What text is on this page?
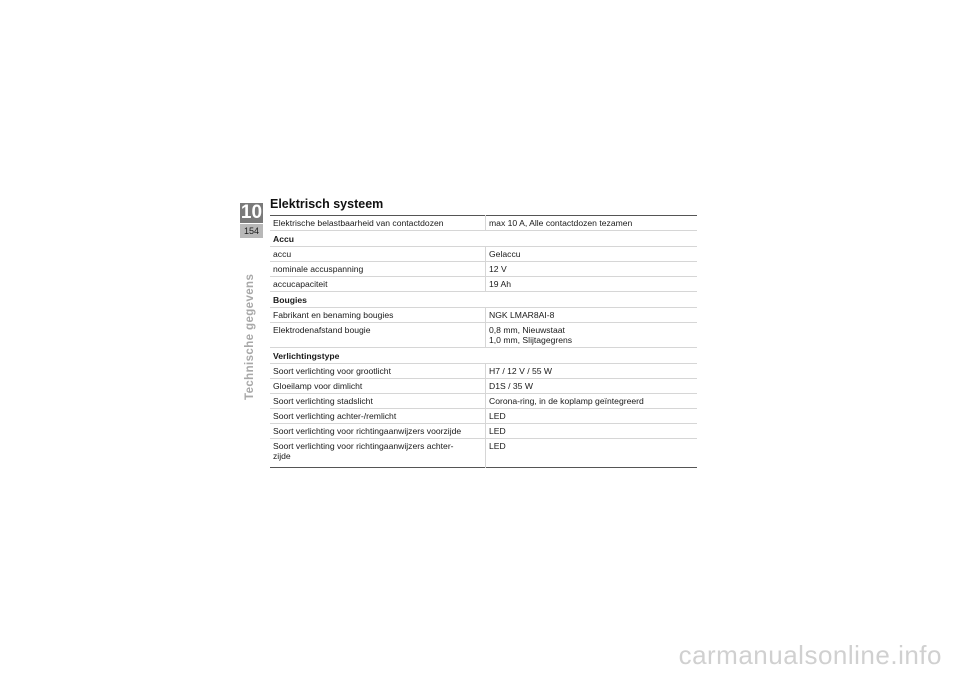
10
154
Technische gegevens
Elektrisch systeem
Elektrische belastbaarheid van contactdozen	max 10 A, Alle contactdozen tezamen
Accu	
accu	Gelaccu
nominale accuspanning	12 V
accucapaciteit	19 Ah
Bougies	
Fabrikant en benaming bougies	NGK LMAR8AI-8
Elektrodenafstand bougie	0,8 mm, Nieuwstaat
1,0 mm, Slijtagegrens

Verlichtingstype	
Soort verlichting voor grootlicht	H7 / 12 V / 55 W
Gloeilamp voor dimlicht	D1S / 35 W
Soort verlichting stadslicht	Corona-ring, in de koplamp geïntegreerd
Soort verlichting achter-/remlicht	LED
Soort verlichting voor richtingaanwijzers voorzijde	LED

Soort verlichting voor richtingaanwijzers achter-
zijde	LED
carmanualsonline.info
